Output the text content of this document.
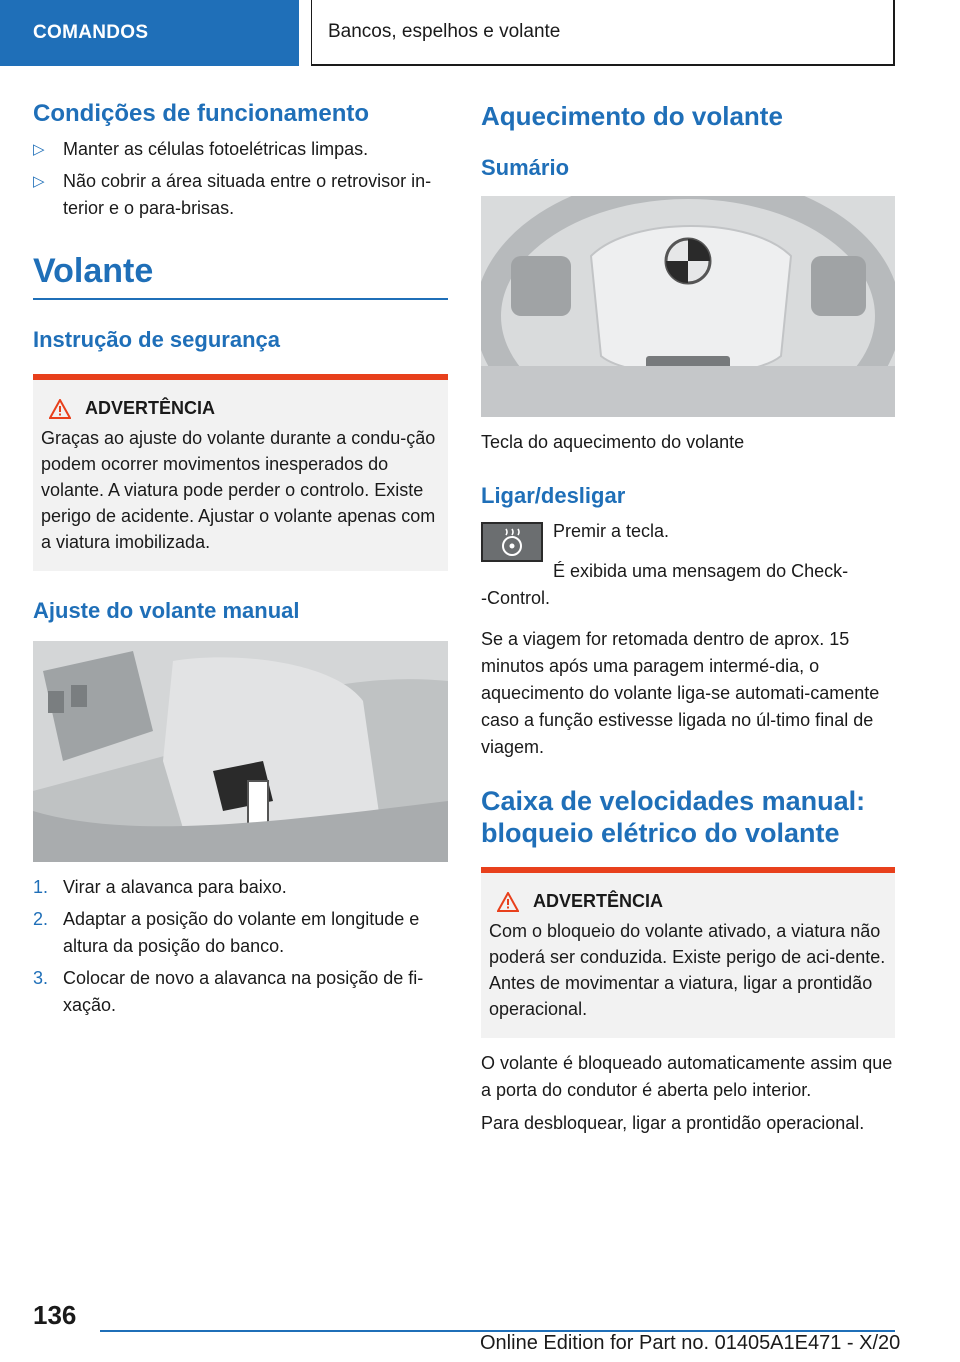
COMANDOS	Bancos, espelhos e volante
Condições de funcionamento
▷ Manter as células fotoelétricas limpas.
▷ Não cobrir a área situada entre o retrovisor in-terior e o para-brisas.
Volante
Instrução de segurança
ADVERTÊNCIA

Graças ao ajuste do volante durante a condu-ção podem ocorrer movimentos inesperados do volante. A viatura pode perder o controlo. Existe perigo de acidente. Ajustar o volante apenas com a viatura imobilizada.

Ajuste do volante manual
1. Virar a alavanca para baixo.
2. Adaptar a posição do volante em longitude e altura da posição do banco.
3. Colocar de novo a alavanca na posição de fi-xação.
Aquecimento do volante
Sumário

Tecla do aquecimento do volante

Ligar/desligar

Premir a tecla.

É exibida uma mensagem do Check-

-Control.

Se a viagem for retomada dentro de aprox. 15 minutos após uma paragem intermé-dia, o aquecimento do volante liga-se automati-camente caso a função estivesse ligada no úl-timo final de viagem.

Caixa de velocidades manual: bloqueio elétrico do volante
ADVERTÊNCIA

Com o bloqueio do volante ativado, a viatura não poderá ser conduzida. Existe perigo de aci-dente. Antes de movimentar a viatura, ligar a prontidão operacional.

O volante é bloqueado automaticamente assim que a porta do condutor é aberta pelo interior.

Para desbloquear, ligar a prontidão operacional.

136
Online Edition for Part no. 01405A1E471 - X/20
